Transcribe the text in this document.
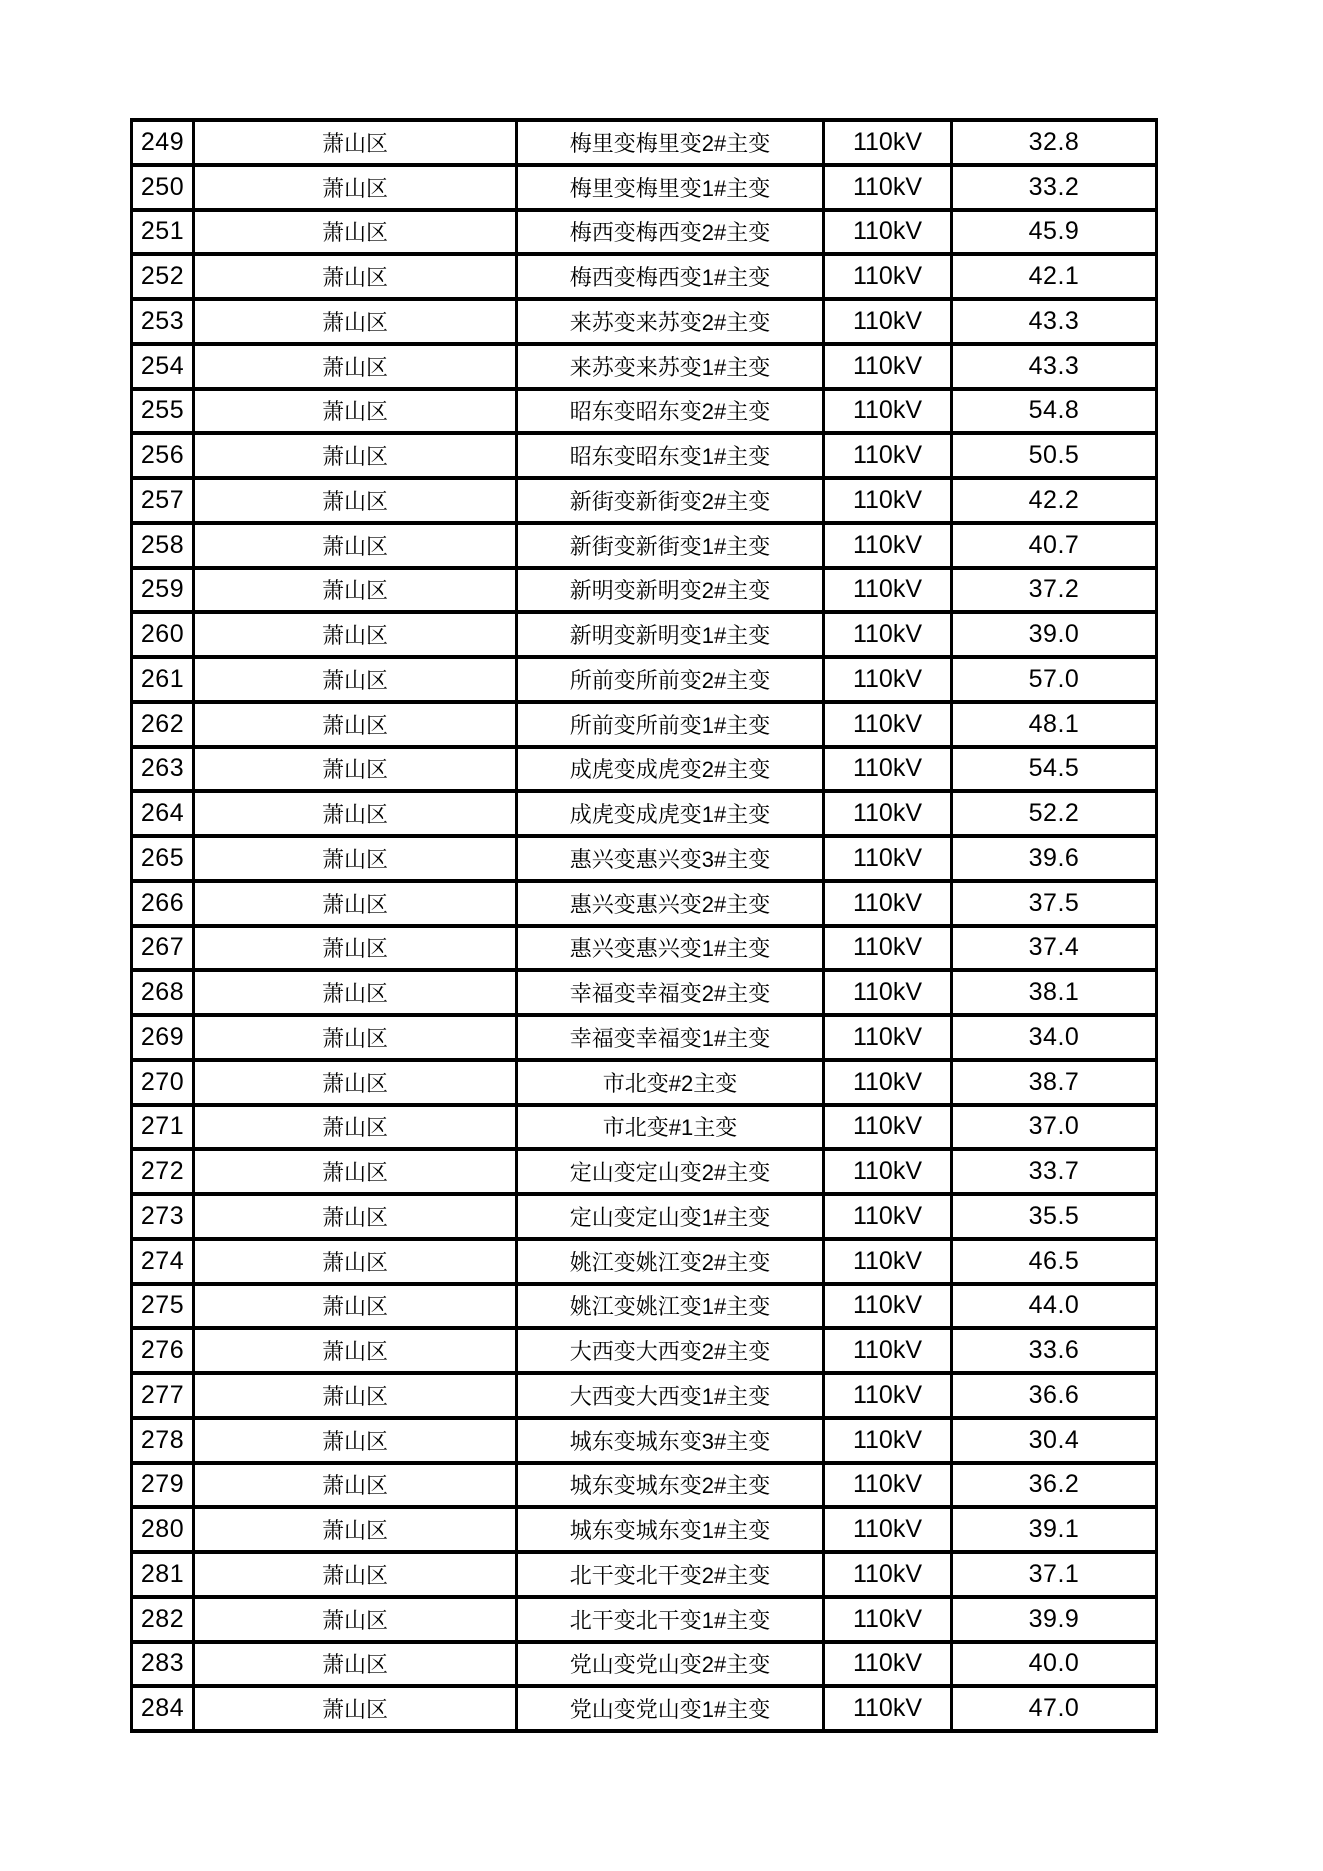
249	萧山区	梅里变梅里变2#主变	110kV	32.8
250	萧山区	梅里变梅里变1#主变	110kV	33.2
251	萧山区	梅西变梅西变2#主变	110kV	45.9
252	萧山区	梅西变梅西变1#主变	110kV	42.1
253	萧山区	来苏变来苏变2#主变	110kV	43.3
254	萧山区	来苏变来苏变1#主变	110kV	43.3
255	萧山区	昭东变昭东变2#主变	110kV	54.8
256	萧山区	昭东变昭东变1#主变	110kV	50.5
257	萧山区	新街变新街变2#主变	110kV	42.2
258	萧山区	新街变新街变1#主变	110kV	40.7
259	萧山区	新明变新明变2#主变	110kV	37.2
260	萧山区	新明变新明变1#主变	110kV	39.0
261	萧山区	所前变所前变2#主变	110kV	57.0
262	萧山区	所前变所前变1#主变	110kV	48.1
263	萧山区	成虎变成虎变2#主变	110kV	54.5
264	萧山区	成虎变成虎变1#主变	110kV	52.2
265	萧山区	惠兴变惠兴变3#主变	110kV	39.6
266	萧山区	惠兴变惠兴变2#主变	110kV	37.5
267	萧山区	惠兴变惠兴变1#主变	110kV	37.4
268	萧山区	幸福变幸福变2#主变	110kV	38.1
269	萧山区	幸福变幸福变1#主变	110kV	34.0
270	萧山区	市北变#2主变	110kV	38.7
271	萧山区	市北变#1主变	110kV	37.0
272	萧山区	定山变定山变2#主变	110kV	33.7
273	萧山区	定山变定山变1#主变	110kV	35.5
274	萧山区	姚江变姚江变2#主变	110kV	46.5
275	萧山区	姚江变姚江变1#主变	110kV	44.0
276	萧山区	大西变大西变2#主变	110kV	33.6
277	萧山区	大西变大西变1#主变	110kV	36.6
278	萧山区	城东变城东变3#主变	110kV	30.4
279	萧山区	城东变城东变2#主变	110kV	36.2
280	萧山区	城东变城东变1#主变	110kV	39.1
281	萧山区	北干变北干变2#主变	110kV	37.1
282	萧山区	北干变北干变1#主变	110kV	39.9
283	萧山区	党山变党山变2#主变	110kV	40.0
284	萧山区	党山变党山变1#主变	110kV	47.0
